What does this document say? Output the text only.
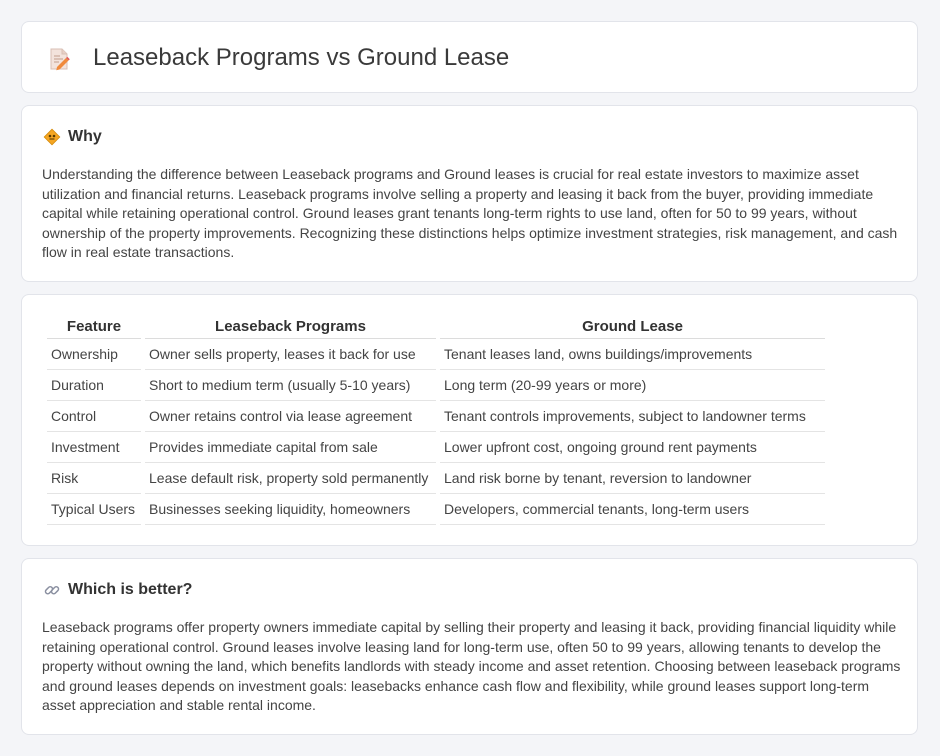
Leaseback Programs vs Ground Lease
Why

Understanding the difference between Leaseback programs and Ground leases is crucial for real estate investors to maximize asset utilization and financial returns. Leaseback programs involve selling a property and leasing it back from the buyer, providing immediate capital while retaining operational control. Ground leases grant tenants long-term rights to use land, often for 50 to 99 years, without ownership of the property improvements. Recognizing these distinctions helps optimize investment strategies, risk management, and cash flow in real estate transactions.

Feature	Leaseback Programs	Ground Lease
Ownership	Owner sells property, leases it back for use	Tenant leases land, owns buildings/improvements
Duration	Short to medium term (usually 5-10 years)	Long term (20-99 years or more)
Control	Owner retains control via lease agreement	Tenant controls improvements, subject to landowner terms
Investment	Provides immediate capital from sale	Lower upfront cost, ongoing ground rent payments
Risk	Lease default risk, property sold permanently	Land risk borne by tenant, reversion to landowner
Typical Users	Businesses seeking liquidity, homeowners	Developers, commercial tenants, long-term users
Which is better?

Leaseback programs offer property owners immediate capital by selling their property and leasing it back, providing financial liquidity while retaining operational control. Ground leases involve leasing land for long-term use, often 50 to 99 years, allowing tenants to develop the property without owning the land, which benefits landlords with steady income and asset retention. Choosing between leaseback programs and ground leases depends on investment goals: leasebacks enhance cash flow and flexibility, while ground leases support long-term asset appreciation and stable rental income.
